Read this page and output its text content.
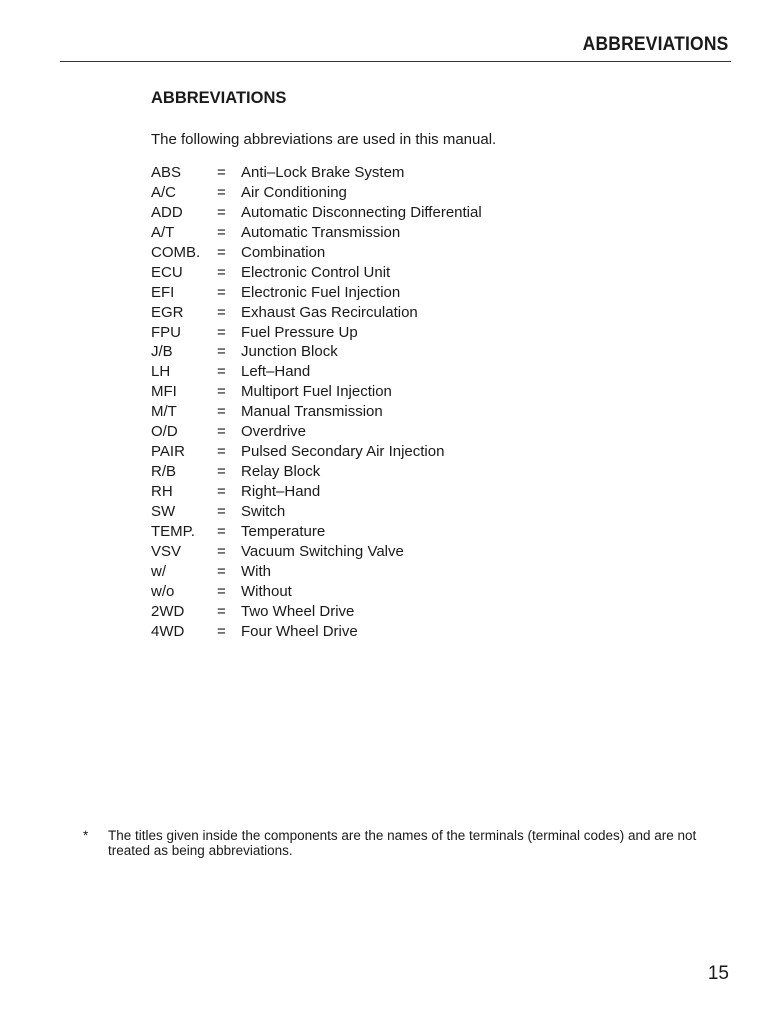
ABBREVIATIONS
ABBREVIATIONS
The following abbreviations are used in this manual.
ABS = Anti–Lock Brake System
A/C	= Air Conditioning
ADD = Automatic Disconnecting Differential
A/T	= Automatic Transmission
COMB. = Combination
ECU = Electronic Control Unit
EFI	= Electronic Fuel Injection
EGR = Exhaust Gas Recirculation
FPU = Fuel Pressure Up
J/B	= Junction Block
LH	= Left–Hand
MFI	= Multiport Fuel Injection
M/T	= Manual Transmission
O/D	= Overdrive
PAIR = Pulsed Secondary Air Injection
R/B	= Relay Block
RH	= Right–Hand
SW	= Switch
TEMP. = Temperature
VSV = Vacuum Switching Valve
w/	= With
w/o	= Without
2WD = Two Wheel Drive
4WD = Four Wheel Drive
* The titles given inside the components are the names of the terminals (terminal codes) and are not treated as being abbreviations.
15
